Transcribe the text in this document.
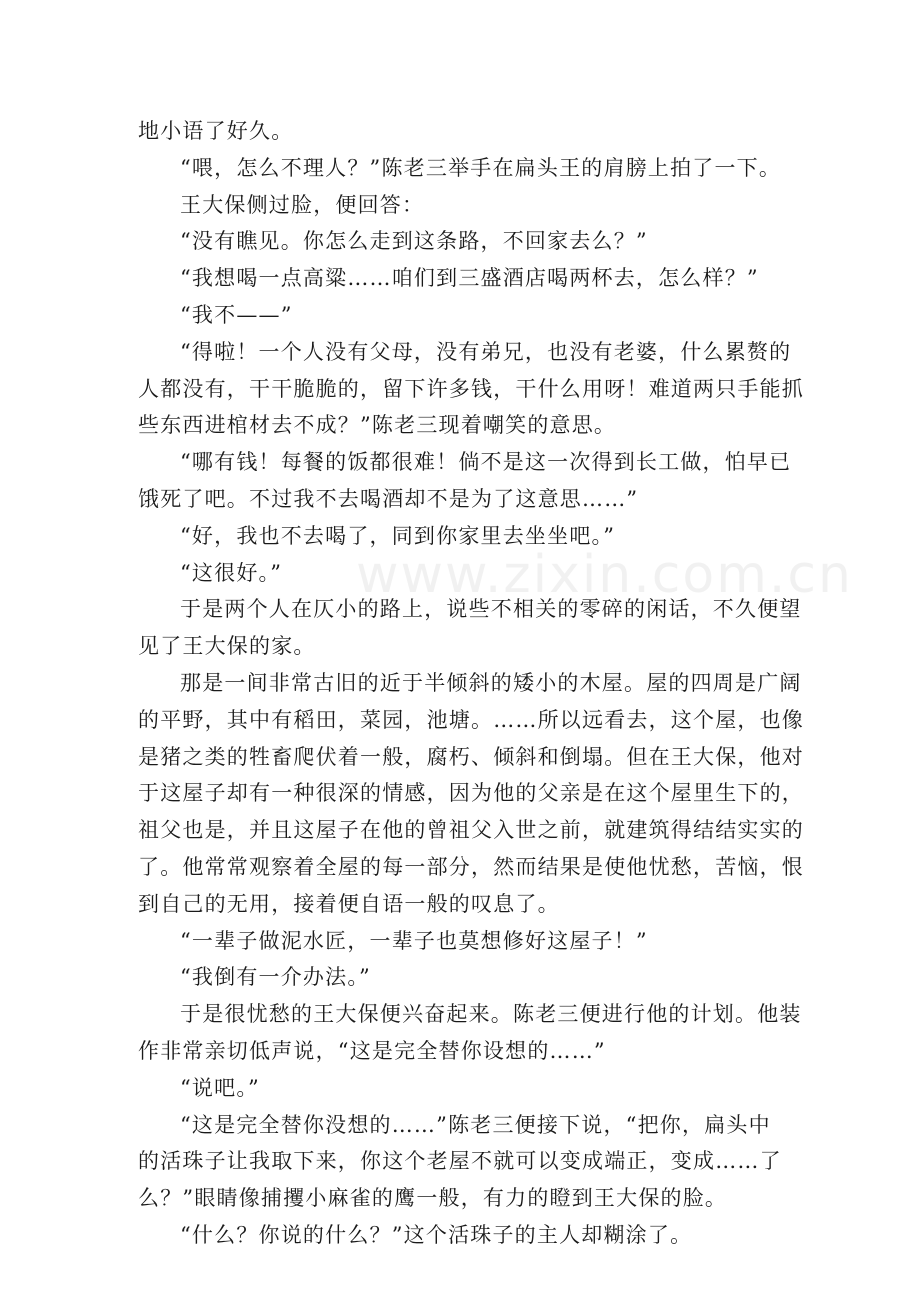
www.zixin.com.cn
地小语了好久。
“喂，怎么不理人？”陈老三举手在扁头王的肩膀上拍了一下。
王大保侧过脸，便回答：
“没有瞧见。你怎么走到这条路，不回家去么？”
“我想喝一点高粱……咱们到三盛酒店喝两杯去，怎么样？”
“我不——”
“得啦！一个人没有父母，没有弟兄，也没有老婆，什么累赘的
人都没有，干干脆脆的，留下许多钱，干什么用呀！难道两只手能抓
些东西进棺材去不成？”陈老三现着嘲笑的意思。
“哪有钱！每餐的饭都很难！倘不是这一次得到长工做，怕早已
饿死了吧。不过我不去喝酒却不是为了这意思……”
“好，我也不去喝了，同到你家里去坐坐吧。”
“这很好。”
于是两个人在仄小的路上，说些不相关的零碎的闲话，不久便望
见了王大保的家。
那是一间非常古旧的近于半倾斜的矮小的木屋。屋的四周是广阔
的平野，其中有稻田，菜园，池塘。……所以远看去，这个屋，也像
是猪之类的牲畜爬伏着一般，腐朽、倾斜和倒塌。但在王大保，他对
于这屋子却有一种很深的情感，因为他的父亲是在这个屋里生下的，
祖父也是，并且这屋子在他的曾祖父入世之前，就建筑得结结实实的
了。他常常观察着全屋的每一部分，然而结果是使他忧愁，苦恼，恨
到自己的无用，接着便自语一般的叹息了。
“一辈子做泥水匠，一辈子也莫想修好这屋子！”
“我倒有一介办法。”
于是很忧愁的王大保便兴奋起来。陈老三便进行他的计划。他装
作非常亲切低声说，“这是完全替你设想的……”
“说吧。”
“这是完全替你没想的……”陈老三便接下说，“把你，扁头中
的活珠子让我取下来，你这个老屋不就可以变成端正，变成……了
么？”眼睛像捕攫小麻雀的鹰一般，有力的瞪到王大保的脸。
“什么？你说的什么？”这个活珠子的主人却糊涂了。
